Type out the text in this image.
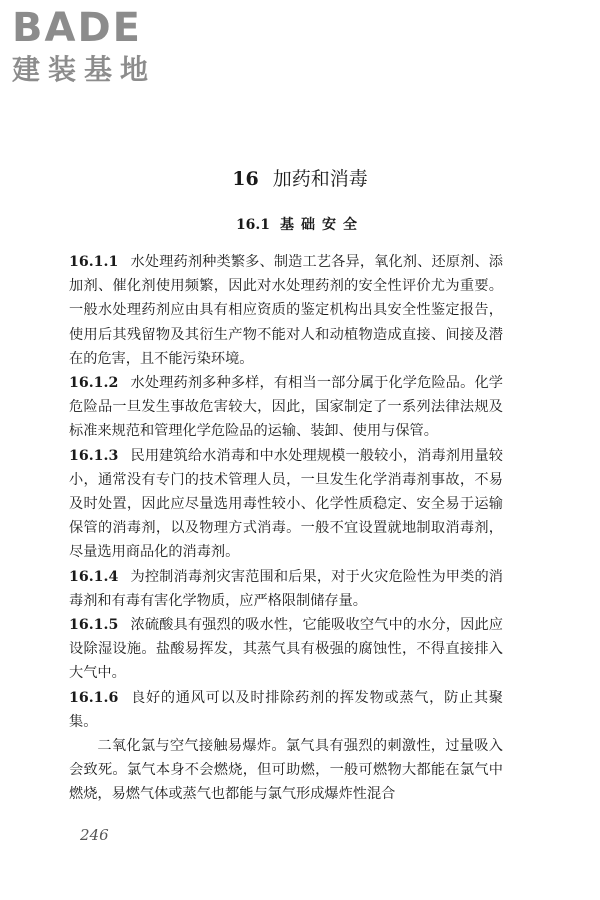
BADE
建装基地
16 加药和消毒
16.1 基础安全

16.1.1 水处理药剂种类繁多、制造工艺各异，氧化剂、还原剂、添加剂、催化剂使用频繁，因此对水处理药剂的安全性评价尤为重要。一般水处理药剂应由具有相应资质的鉴定机构出具安全性鉴定报告，使用后其残留物及其衍生产物不能对人和动植物造成直接、间接及潜在的危害，且不能污染环境。

16.1.2 水处理药剂多种多样，有相当一部分属于化学危险品。化学危险品一旦发生事故危害较大，因此，国家制定了一系列法律法规及标准来规范和管理化学危险品的运输、装卸、使用与保管。

16.1.3 民用建筑给水消毒和中水处理规模一般较小，消毒剂用量较小，通常没有专门的技术管理人员，一旦发生化学消毒剂事故，不易及时处置，因此应尽量选用毒性较小、化学性质稳定、安全易于运输保管的消毒剂，以及物理方式消毒。一般不宜设置就地制取消毒剂，尽量选用商品化的消毒剂。

16.1.4 为控制消毒剂灾害范围和后果，对于火灾危险性为甲类的消毒剂和有毒有害化学物质，应严格限制储存量。

16.1.5 浓硫酸具有强烈的吸水性，它能吸收空气中的水分，因此应设除湿设施。盐酸易挥发，其蒸气具有极强的腐蚀性，不得直接排入大气中。

16.1.6 良好的通风可以及时排除药剂的挥发物或蒸气，防止其聚集。

二氧化氯与空气接触易爆炸。氯气具有强烈的刺激性，过量吸入会致死。氯气本身不会燃烧，但可助燃，一般可燃物大都能在氯气中燃烧，易燃气体或蒸气也都能与氯气形成爆炸性混合

246
